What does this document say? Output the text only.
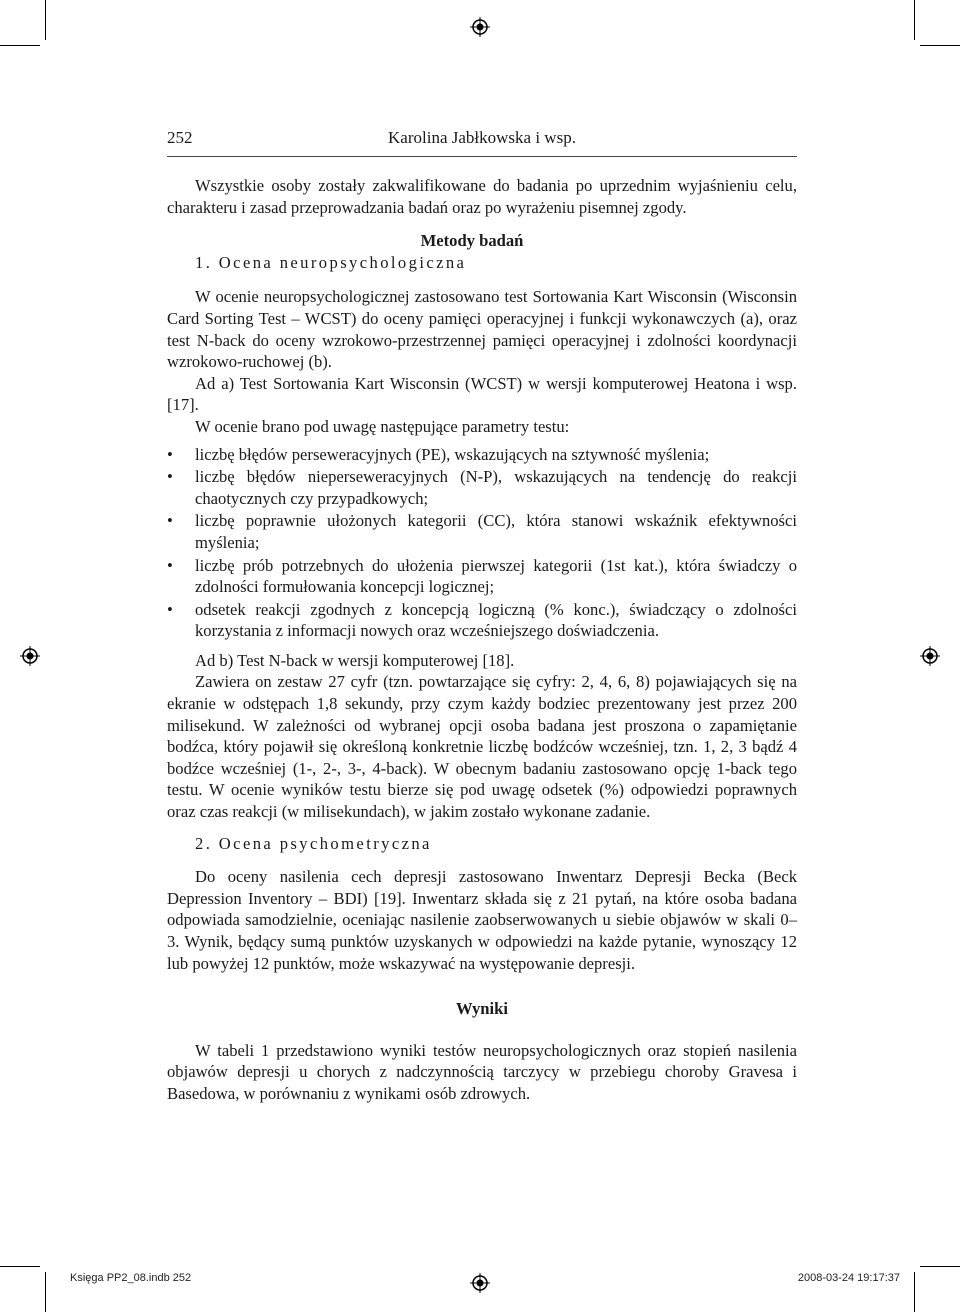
252	Karolina Jabłkowska i wsp.

Wszystkie osoby zostały zakwalifikowane do badania po uprzednim wyjaśnieniu celu, charakteru i zasad przeprowadzania badań oraz po wyrażeniu pisemnej zgody.

Metody badań

1. Ocena neuropsychologiczna

W ocenie neuropsychologicznej zastosowano test Sortowania Kart Wisconsin (Wisconsin Card Sorting Test – WCST) do oceny pamięci operacyjnej i funkcji wykonawczych (a), oraz test N-back do oceny wzrokowo-przestrzennej pamięci operacyjnej i zdolności koordynacji wzrokowo-ruchowej (b).

Ad a) Test Sortowania Kart Wisconsin (WCST) w wersji komputerowej Heatona i wsp. [17].

W ocenie brano pod uwagę następujące parametry testu:

• liczbę błędów perseweracyjnych (PE), wskazujących na sztywność myślenia;
• liczbę błędów nieperseweracyjnych (N-P), wskazujących na tendencję do reakcji chaotycznych czy przypadkowych;
• liczbę poprawnie ułożonych kategorii (CC), która stanowi wskaźnik efektywności myślenia;
• liczbę prób potrzebnych do ułożenia pierwszej kategorii (1st kat.), która świadczy o zdolności formułowania koncepcji logicznej;
• odsetek reakcji zgodnych z koncepcją logiczną (% konc.), świadczący o zdolności korzystania z informacji nowych oraz wcześniejszego doświadczenia.

Ad b) Test N-back w wersji komputerowej [18].

Zawiera on zestaw 27 cyfr (tzn. powtarzające się cyfry: 2, 4, 6, 8) pojawiających się na ekranie w odstępach 1,8 sekundy, przy czym każdy bodziec prezentowany jest przez 200 milisekund. W zależności od wybranej opcji osoba badana jest proszona o zapamiętanie bodźca, który pojawił się określoną konkretnie liczbę bodźców wcześniej, tzn. 1, 2, 3 bądź 4 bodźce wcześniej (1-, 2-, 3-, 4-back). W obecnym badaniu zastosowano opcję 1-back tego testu. W ocenie wyników testu bierze się pod uwagę odsetek (%) odpowiedzi poprawnych oraz czas reakcji (w milisekundach), w jakim zostało wykonane zadanie.

2. Ocena psychometryczna

Do oceny nasilenia cech depresji zastosowano Inwentarz Depresji Becka (Beck Depression Inventory – BDI) [19]. Inwentarz składa się z 21 pytań, na które osoba badana odpowiada samodzielnie, oceniając nasilenie zaobserwowanych u siebie objawów w skali 0–3. Wynik, będący sumą punktów uzyskanych w odpowiedzi na każde pytanie, wynoszący 12 lub powyżej 12 punktów, może wskazywać na występowanie depresji.

Wyniki

W tabeli 1 przedstawiono wyniki testów neuropsychologicznych oraz stopień nasilenia objawów depresji u chorych z nadczynnością tarczycy w przebiegu choroby Gravesa i Basedowa, w porównaniu z wynikami osób zdrowych.

Księga PP2_08.indb 252	2008-03-24 19:17:37
